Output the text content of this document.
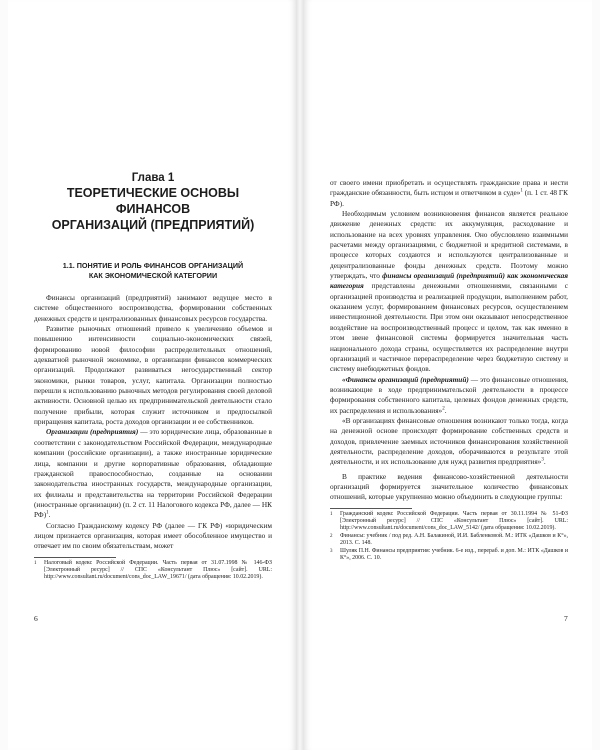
Глава 1
ТЕОРЕТИЧЕСКИЕ ОСНОВЫ ФИНАНСОВ
ОРГАНИЗАЦИЙ (ПРЕДПРИЯТИЙ)
1.1. ПОНЯТИЕ И РОЛЬ ФИНАНСОВ ОРГАНИЗАЦИЙ
КАК ЭКОНОМИЧЕСКОЙ КАТЕГОРИИ

Финансы организаций (предприятий) занимают ведущее место в системе общественного воспроизводства, формировании собственных денежных средств и централизованных финансовых ресурсов государства.

Развитие рыночных отношений привело к увеличению объемов и повышению интенсивности социально-экономических связей, формированию новой философии распределительных отношений, адекватной рыночной экономике, в организации финансов коммерческих организаций. Продолжают развиваться негосударственный сектор экономики, рынки товаров, услуг, капитала. Организации полностью перешли к использованию рыночных методов регулирования своей деловой активности. Основной целью их предпринимательской деятельности стало получение прибыли, которая служит источником и предпосылкой приращения капитала, роста доходов организации и ее собственников.

Организации (предприятия) — это юридические лица, образованные в соответствии с законодательством Российской Федерации, международные компании (российские организации), а также иностранные юридические лица, компании и другие корпоративные образования, обладающие гражданской правоспособностью, созданные на основании законодательства иностранных государств, международные организации, их филиалы и представительства на территории Российской Федерации (иностранные организации) (п. 2 ст. 11 Налогового кодекса РФ, далее — НК РФ)$^1$.

Согласно Гражданскому кодексу РФ (далее — ГК РФ) «юридическим лицом признается организация, которая имеет обособленное имущество и отвечает им по своим обязательствам, может

1	Налоговый кодекс Российской Федерации. Часть первая от 31.07.1998 № 146-ФЗ [Электронный ресурс] // СПС «Консультант Плюс» [сайт]. URL: http://www.consultant.ru/document/cons_doc_LAW_19671/ (дата обращения: 10.02.2019).
6

от своего имени приобретать и осуществлять гражданские права и нести гражданские обязанности, быть истцом и ответчиком в суде»$^1$ (п. 1 ст. 48 ГК РФ).

Необходимым условием возникновения финансов является реальное движение денежных средств: их аккумуляция, расходование и использование на всех уровнях управления. Оно обусловлено взаимными расчетами между организациями, с бюджетной и кредитной системами, в процессе которых создаются и используются централизованные и децентрализованные фонды денежных средств. Поэтому можно утверждать, что финансы организаций (предприятий) как экономическая категория представлены денежными отношениями, связанными с организацией производства и реализацией продукции, выполнением работ, оказанием услуг, формированием финансовых ресурсов, осуществлением инвестиционной деятельности. При этом они оказывают непосредственное воздействие на воспроизводственный процесс и целом, так как именно в этом звене финансовой системы формируется значительная часть национального дохода страны, осуществляется их распределение внутри организаций и частичное перераспределение через бюджетную систему и систему внебюджетных фондов.

«Финансы организаций (предприятий) — это финансовые отношения, возникающие в ходе предпринимательской деятельности в процессе формирования собственного капитала, целевых фондов денежных средств, их распределения и использования»$^2$.

«В организациях финансовые отношения возникают только тогда, когда на денежной основе происходят формирование собственных средств и доходов, привлечение заемных источников финансирования хозяйственной деятельности, распределение доходов, оборачиваются в результате этой деятельности, и их использование для нужд развития предприятия»$^3$.

В практике ведения финансово-хозяйственной деятельности организаций формируется значительное количество финансовых отношений, которые укрупненно можно объединить в следующие группы:

1	Гражданский кодекс Российской Федерации. Часть первая от 30.11.1994 № 51-ФЗ [Электронный ресурс] // СПС «Консультант Плюс» [сайт]. URL: http://www.consultant.ru/document/cons_doc_LAW_5142/ (дата обращения: 10.02.2019).
2	Финансы: учебник / под ред. А.Н. Балакиной, И.И. Бабленковой. М.: ИТК «Дашков и К°», 2013. С. 148.
3	Шуляк П.Н. Финансы предприятия: учебник. 6-е изд., перераб. и доп. М.: ИТК «Дашков и К°», 2006. С. 10.
7
